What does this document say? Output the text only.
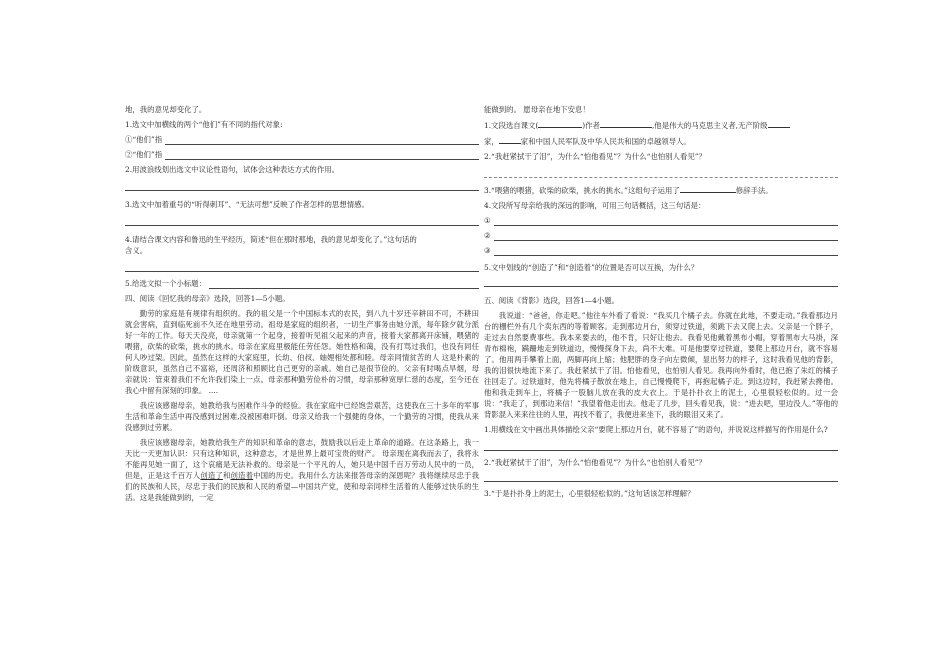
地，我的意见却变化了。

1.选文中加横线的两个“他们”有不同的指代对象:

①“他们”指
②“他们”指

2.用波浪线划出选文中议论性语句，试体会这种表达方式的作用。

3.选文中加着重号的“听得刺耳”、“无法可想”反映了作者怎样的思想情感。

4.请结合课文内容和鲁迅的生平经历，简述“但在那时那地，我的意见却变化了。”这句话的

含义。

5.给选文拟一个小标题：

四、阅读《回忆我的母亲》选段，回答1—5小题。

勤劳的家庭是有规律有组织的。我的祖父是一个中国标本式的农民，到八九十岁还辛耕田不可，不耕田就会害病，直到临死前不久还在地里劳动。祖母是家庭的组织者，一切生产事务由她分派，每年除夕就分派好一年的工作。每天天没亮，母亲就第一个起身，接着听见祖父起来的声音，接着大家都离开床铺，喂猪的喂猪，砍柴的砍柴，挑水的挑水。母亲在家庭里极能任劳任怨。她性格和蔼，没有打骂过我们，也没有同任何人吵过架。因此，虽然在这样的大家庭里，长幼、伯叔、妯娌相处都和睦。母亲同情贫苦的人 这是朴素的阶级意识，虽然自己不富裕，还周济和照顾比自己更穷的亲戚。她自己是很节俭的。父亲有时喝点旱烟，母亲就说：管束着我们不允许我们染上一点。母亲那种勤劳俭朴的习惯，母亲那种宽厚仁慈的态度，至今还在我心中留有深刻的印象。 ....

我应该感谢母亲，她教给我与困难作斗争的经验。我在家庭中已经饱尝艰苦，这使我在三十多年的军事生活和革命生活中再没感到过困难,没被困难吓倒。母亲又给我一个强健的身体，一个勤劳的习惯，使我从来没感到过劳累。

我应该感谢母亲，她教给我生产的知识和革命的意志，鼓励我以后走上革命的道路。在这条路上，我一天比一天更加认识：只有这种知识，这种意志，才是世界上最可宝贵的财产。 母亲现在离我而去了，我将永不能再见她一面了，这个哀痛是无法补救的。母亲是一个平凡的人，她只是中国千百万劳动人民中的一员，但是，正是这千百万人创造了和创造着中国的历史。我用什么方法来报答母亲的深恩呢？我将继续尽忠于我们的民族和人民，尽忠于我们的民族和人民的希望—中国共产党，使和母亲同样生活着的人能够过快乐的生活。这是我能做到的，一定

能做到的。 愿母亲在地下安息！

1.文段选自课文(	)作者	,他是伟大的马克思主义者,无产阶级

家，	家和中国人民军队及中华人民共和国的卓越领导人。

2.“我赶紧拭干了泪”，为什么“怕他看见”？为什么“也怕别人看见”？

3.“喂猪的喂猪，砍柴的砍柴，挑水的挑水。”这组句子运用了	修辞手法。

4.文段所写母亲给我的深远的影响，可用三句话概括，这三句话是：

①
②
③

5.文中划线的“创造了”和“创造着”的位置是否可以互换，为什么？

五、阅读《背影》选段，回答1—4小题。

我说道：“爸爸，你走吧。”他往车外看了看说：“我买几个橘子去。你就在此地，不要走动。”我看那边月台的栅栏外有几个卖东西的等着顾客。走到那边月台，须穿过铁道，须跳下去又爬上去。父亲是一个胖子，走过去自然要费事些。我本来要去的，他不肯，只好让他去。我看见他戴着黑布小帽，穿着黑布大马褂，深青布棉袍，蹒跚地走到铁道边，慢慢探身下去，尚不大难。可是他要穿过铁道，要爬上那边月台，就不容易了。他用两手攀着上面，两脚再向上缩；他肥胖的身子向左微倾，显出努力的样子，这时我看见他的背影，我的泪很快地流下来了。我赶紧拭干了泪。怕他看见，也怕别人看见。我再向外看时，他已抱了朱红的橘子往回走了。过铁道时，他先将橘子散放在地上，自己慢慢爬下，再抱起橘子走。到这边时，我赶紧去搀他。他和我走到车上，将橘子一股脑儿放在我的皮大衣上。于是扑扑衣上的泥土，心里很轻松似的。过一会说：“我走了，到那边来信！”我望着他走出去。他走了几步，回头看见我，说：“进去吧，里边没人。”等他的背影混入来来往往的人里，再找不着了，我便进来坐下，我的眼泪又来了。

1.用横线在文中画出具体描绘父亲“要爬上那边月台，就不容易了”的语句，并说说这样描写的作用是什么?

2.“我赶紧拭干了泪”，为什么“怕他看见”？为什么“也怕别人看见”？

3.“于是扑扑身上的泥土，心里很轻松似的。”这句话该怎样理解？
